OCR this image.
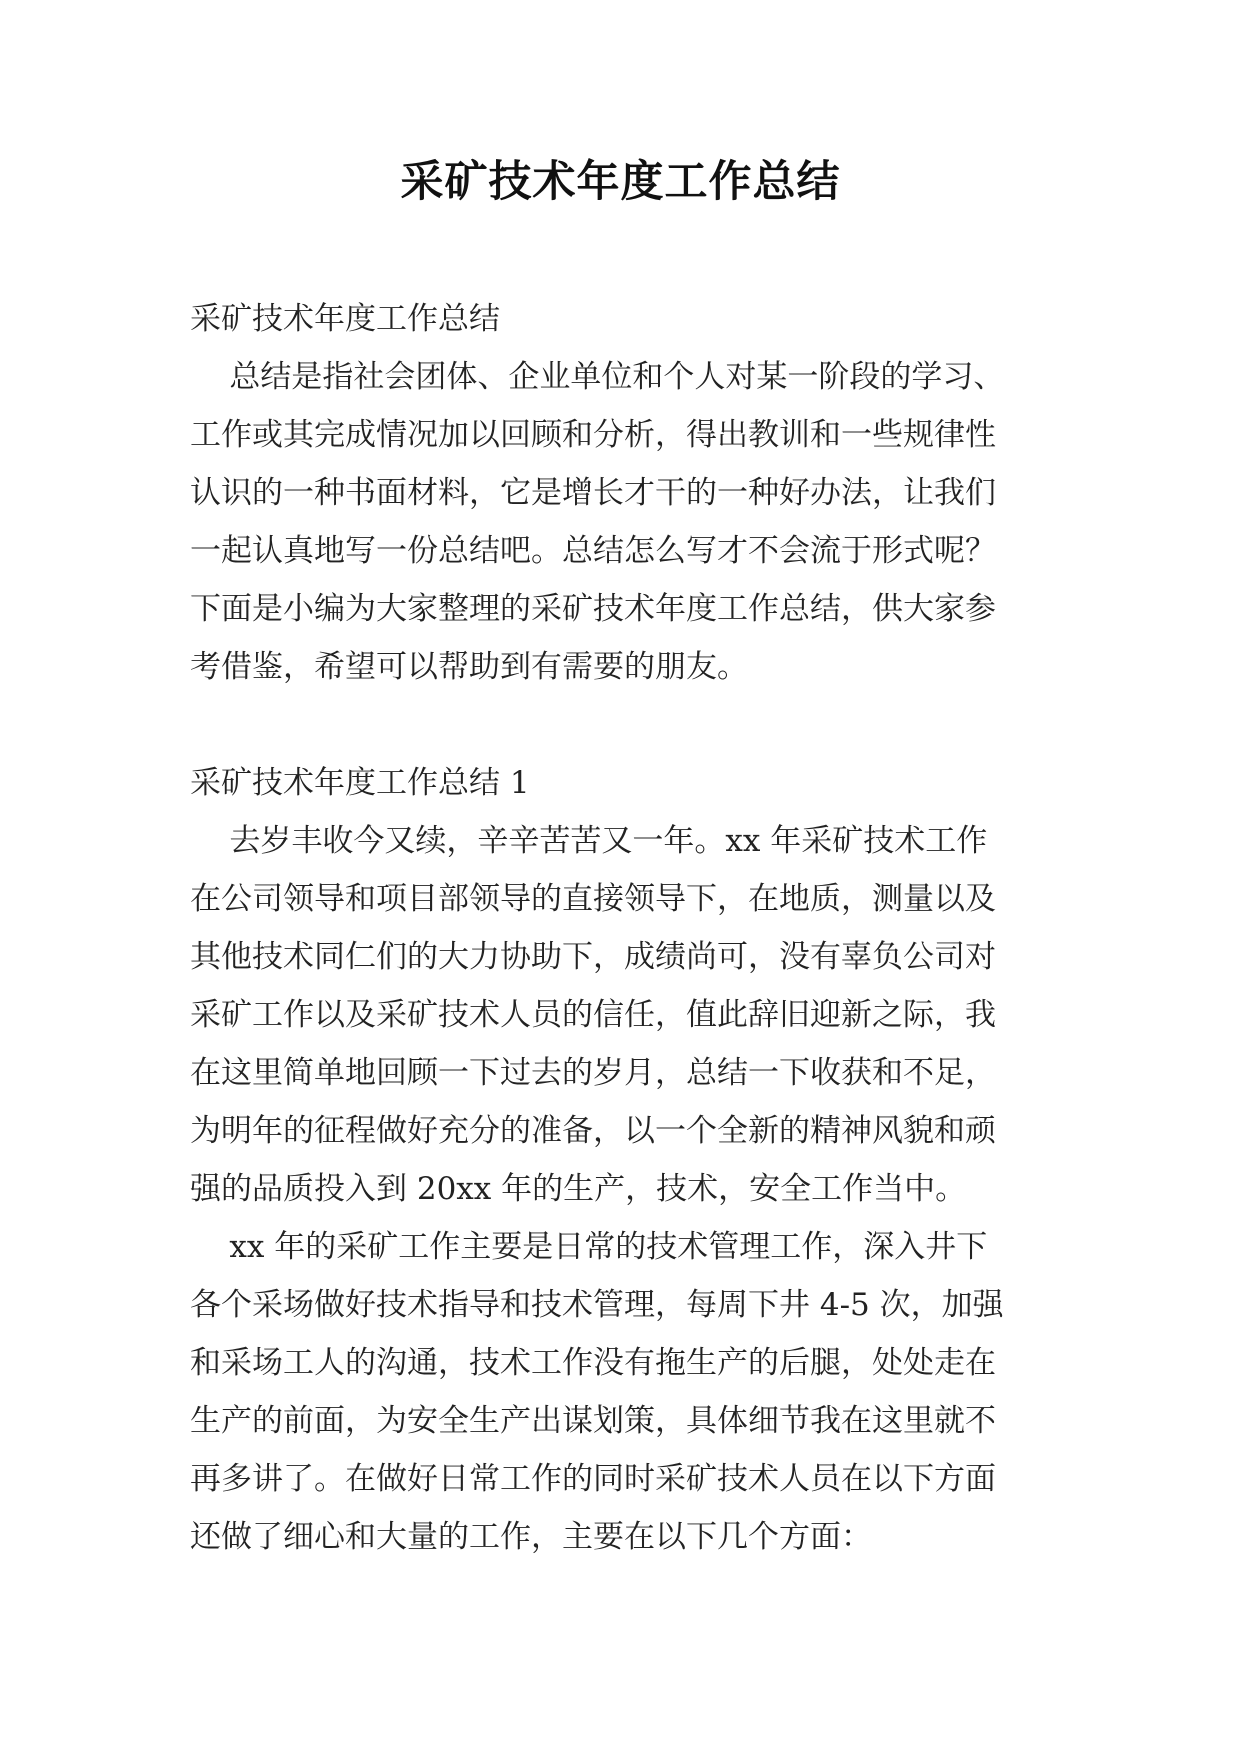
采矿技术年度工作总结

采矿技术年度工作总结

总结是指社会团体、企业单位和个人对某一阶段的学习、

工作或其完成情况加以回顾和分析，得出教训和一些规律性

认识的一种书面材料，它是增长才干的一种好办法，让我们

一起认真地写一份总结吧。总结怎么写才不会流于形式呢？

下面是小编为大家整理的采矿技术年度工作总结，供大家参

考借鉴，希望可以帮助到有需要的朋友。

采矿技术年度工作总结 1

去岁丰收今又续，辛辛苦苦又一年。xx 年采矿技术工作

在公司领导和项目部领导的直接领导下，在地质，测量以及

其他技术同仁们的大力协助下，成绩尚可，没有辜负公司对

采矿工作以及采矿技术人员的信任，值此辞旧迎新之际，我

在这里简单地回顾一下过去的岁月，总结一下收获和不足，

为明年的征程做好充分的准备，以一个全新的精神风貌和顽

强的品质投入到 20xx 年的生产，技术，安全工作当中。

xx 年的采矿工作主要是日常的技术管理工作，深入井下

各个采场做好技术指导和技术管理，每周下井 4-5 次，加强

和采场工人的沟通，技术工作没有拖生产的后腿，处处走在

生产的前面，为安全生产出谋划策，具体细节我在这里就不

再多讲了。在做好日常工作的同时采矿技术人员在以下方面

还做了细心和大量的工作，主要在以下几个方面：
